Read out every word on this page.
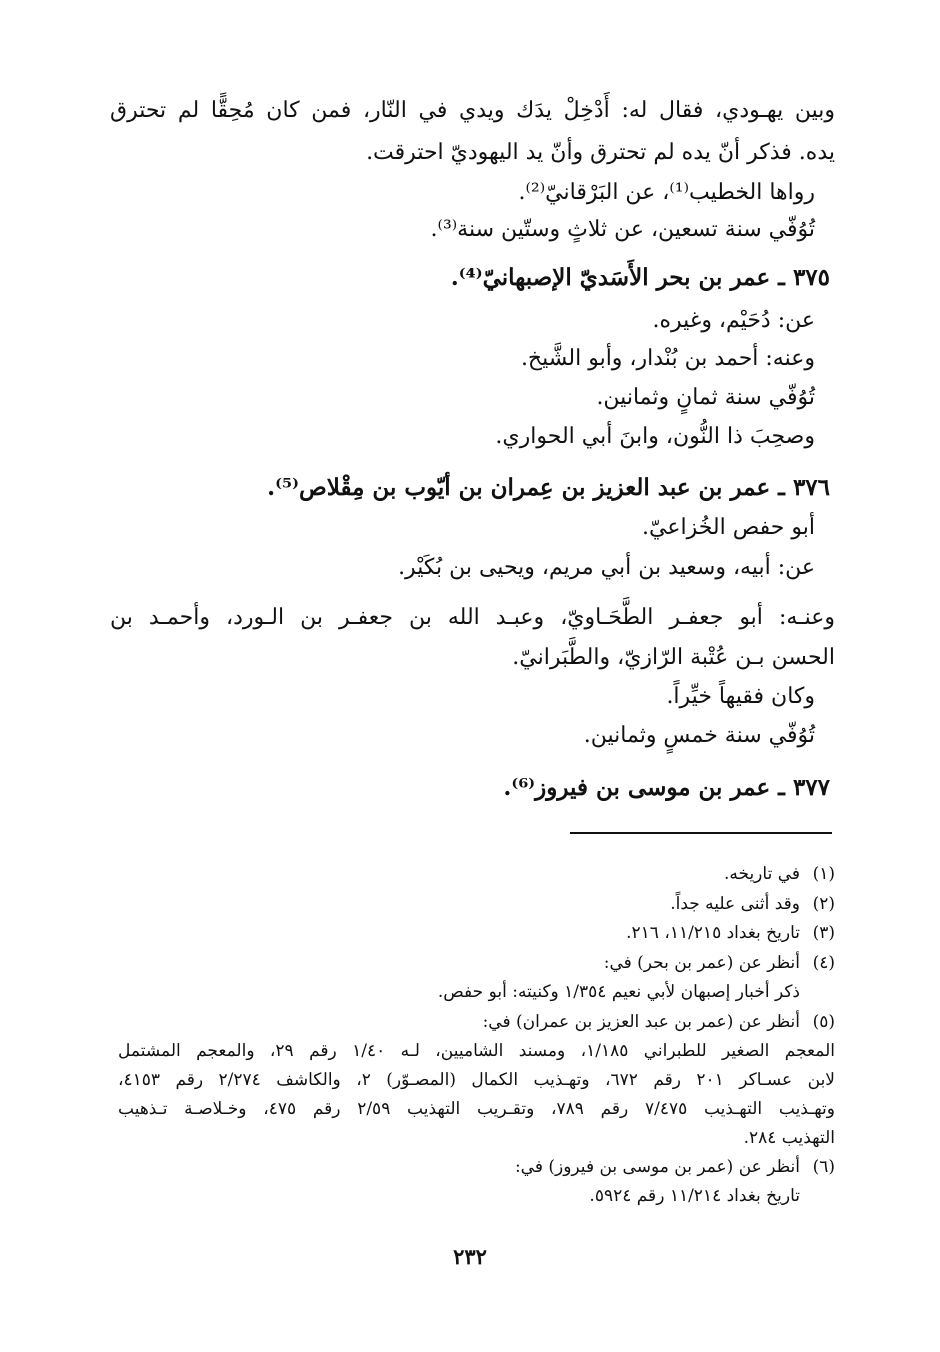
وبين يهـودي، فقال له: أَدْخِلْ يدَك ويدي في النّار، فمن كان مُحِقًّا لم تحترق
يده. فذكر أنّ يده لم تحترق وأنّ يد اليهوديّ احترقت.
رواها الخطيب⁽¹⁾، عن البَرْقانيّ⁽²⁾.
تُوُفّي سنة تسعين، عن ثلاثٍ وستّين سنة⁽³⁾.
٣٧٥ ـ عمر بن بحر الأَسَديّ الإصبهانيّ⁽⁴⁾.
عن: دُحَيْم، وغيره.
وعنه: أحمد بن بُنْدار، وأبو الشَّيخ.
تُوُفّي سنة ثمانٍ وثمانين.
وصحِبَ ذا النُّون، وابنَ أبي الحواري.
٣٧٦ ـ عمر بن عبد العزيز بن عِمران بن أيّوب بن مِقْلاص⁽⁵⁾.
أبو حفص الخُزاعيّ.
عن: أبيه، وسعيد بن أبي مريم، ويحيى بن بُكَيْر.
وعنـه: أبو جعفـر الطَّحَـاويّ، وعبـد الله بن جعفـر بن الـورد، وأحمـد بن
الحسن بـن عُتْبة الرّازيّ، والطَّبَرانيّ.
وكان فقيهاً خيِّراً.
تُوُفّي سنة خمسٍ وثمانين.
٣٧٧ ـ عمر بن موسى بن فيروز⁽⁶⁾.
(١)
في تاريخه.
(٢)
وقد أثنى عليه جداً.
(٣)
تاريخ بغداد ١١/٢١٥، ٢١٦.
(٤)
أنظر عن (عمر بن بحر) في:
ذكر أخبار إصبهان لأبي نعيم ١/٣٥٤ وكنيته: أبو حفص.
(٥)
أنظر عن (عمر بن عبد العزيز بن عمران) في:
المعجم الصغير للطبراني ١/١٨٥، ومسند الشاميين، لـه ١/٤٠ رقم ٢٩، والمعجم المشتمل
لابن عسـاكر ٢٠١ رقم ٦٧٢، وتهـذيب الكمال (المصـوّر) ٢، والكاشف ٢/٢٧٤ رقم ٤١٥٣،
وتهـذيب التهـذيب ٧/٤٧٥ رقم ٧٨٩، وتقـريب التهذيب ٢/٥٩ رقم ٤٧٥، وخـلاصـة تـذهيب
التهذيب ٢٨٤.
(٦)
أنظر عن (عمر بن موسى بن فيروز) في:
تاريخ بغداد ١١/٢١٤ رقم ٥٩٢٤.
٢٣٢
